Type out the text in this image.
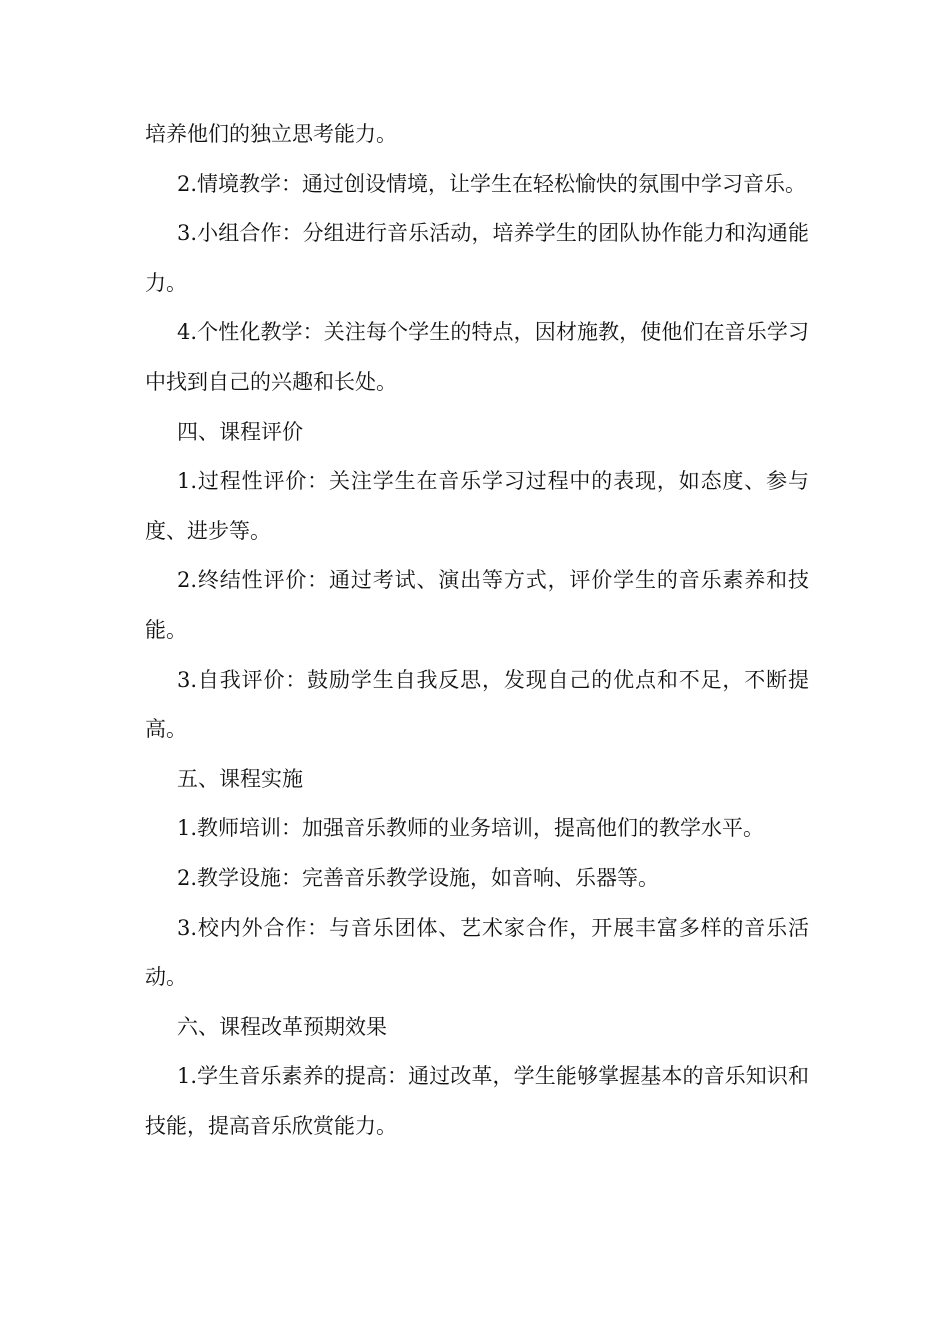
培养他们的独立思考能力。

2.情境教学：通过创设情境，让学生在轻松愉快的氛围中学习音乐。

3.小组合作：分组进行音乐活动，培养学生的团队协作能力和沟通能力。

4.个性化教学：关注每个学生的特点，因材施教，使他们在音乐学习中找到自己的兴趣和长处。

四、课程评价

1.过程性评价：关注学生在音乐学习过程中的表现，如态度、参与度、进步等。

2.终结性评价：通过考试、演出等方式，评价学生的音乐素养和技能。

3.自我评价：鼓励学生自我反思，发现自己的优点和不足，不断提高。

五、课程实施

1.教师培训：加强音乐教师的业务培训，提高他们的教学水平。

2.教学设施：完善音乐教学设施，如音响、乐器等。

3.校内外合作：与音乐团体、艺术家合作，开展丰富多样的音乐活动。

六、课程改革预期效果

1.学生音乐素养的提高：通过改革，学生能够掌握基本的音乐知识和技能，提高音乐欣赏能力。
